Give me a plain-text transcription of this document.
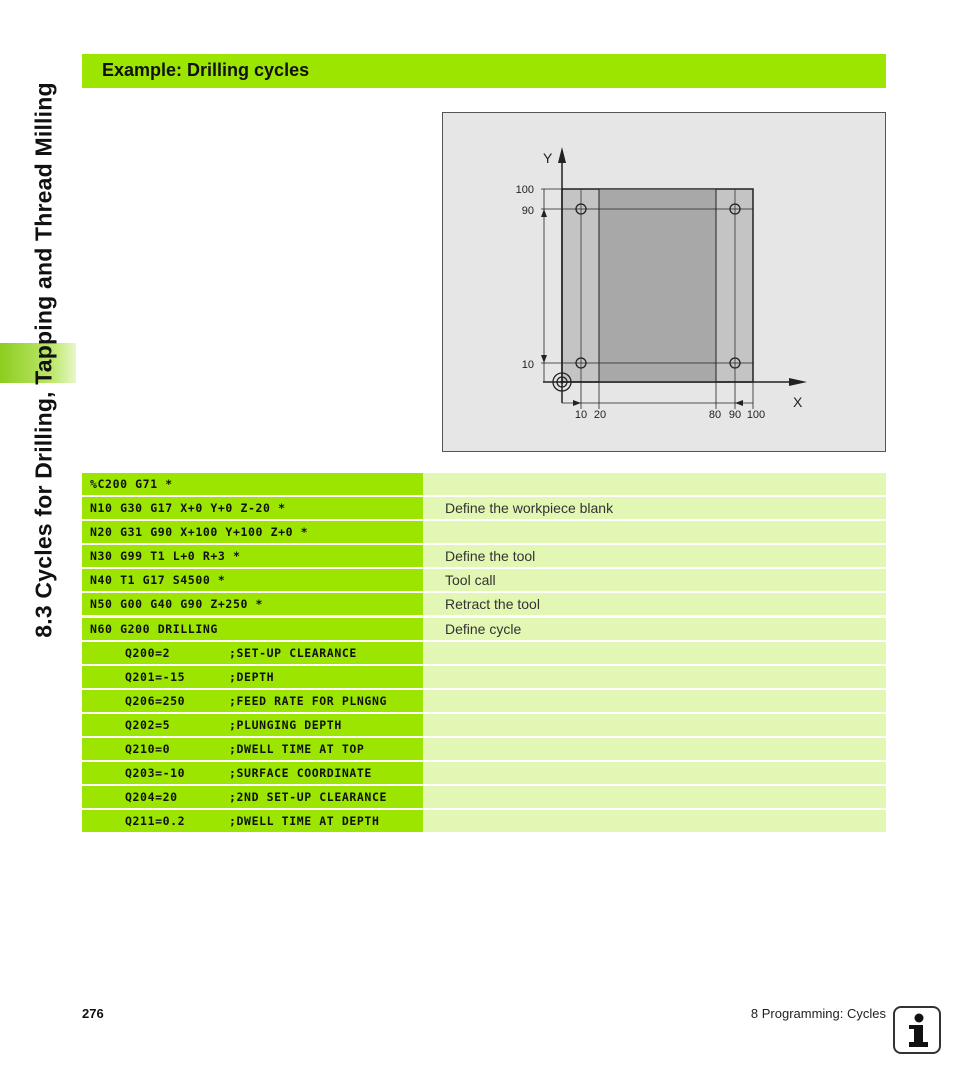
8.3 Cycles for Drilling, Tapping and Thread Milling
Example: Drilling cycles
Y
X
100
90
10
10 20	80 90 100
%C200 G71 *
N10 G30 G17 X+0 Y+0 Z-20 *	Define the workpiece blank
N20 G31 G90 X+100 Y+100 Z+0 *
N30 G99 T1 L+0 R+3 *	Define the tool
N40 T1 G17 S4500 *	Tool call
N50 G00 G40 G90 Z+250 *	Retract the tool
N60 G200 DRILLING	Define cycle
Q200=2	;SET-UP CLEARANCE
Q201=-15	;DEPTH
Q206=250	;FEED RATE FOR PLNGNG
Q202=5	;PLUNGING DEPTH
Q210=0	;DWELL TIME AT TOP
Q203=-10	;SURFACE COORDINATE
Q204=20	;2ND SET-UP CLEARANCE
Q211=0.2	;DWELL TIME AT DEPTH
276	8 Programming: Cycles
